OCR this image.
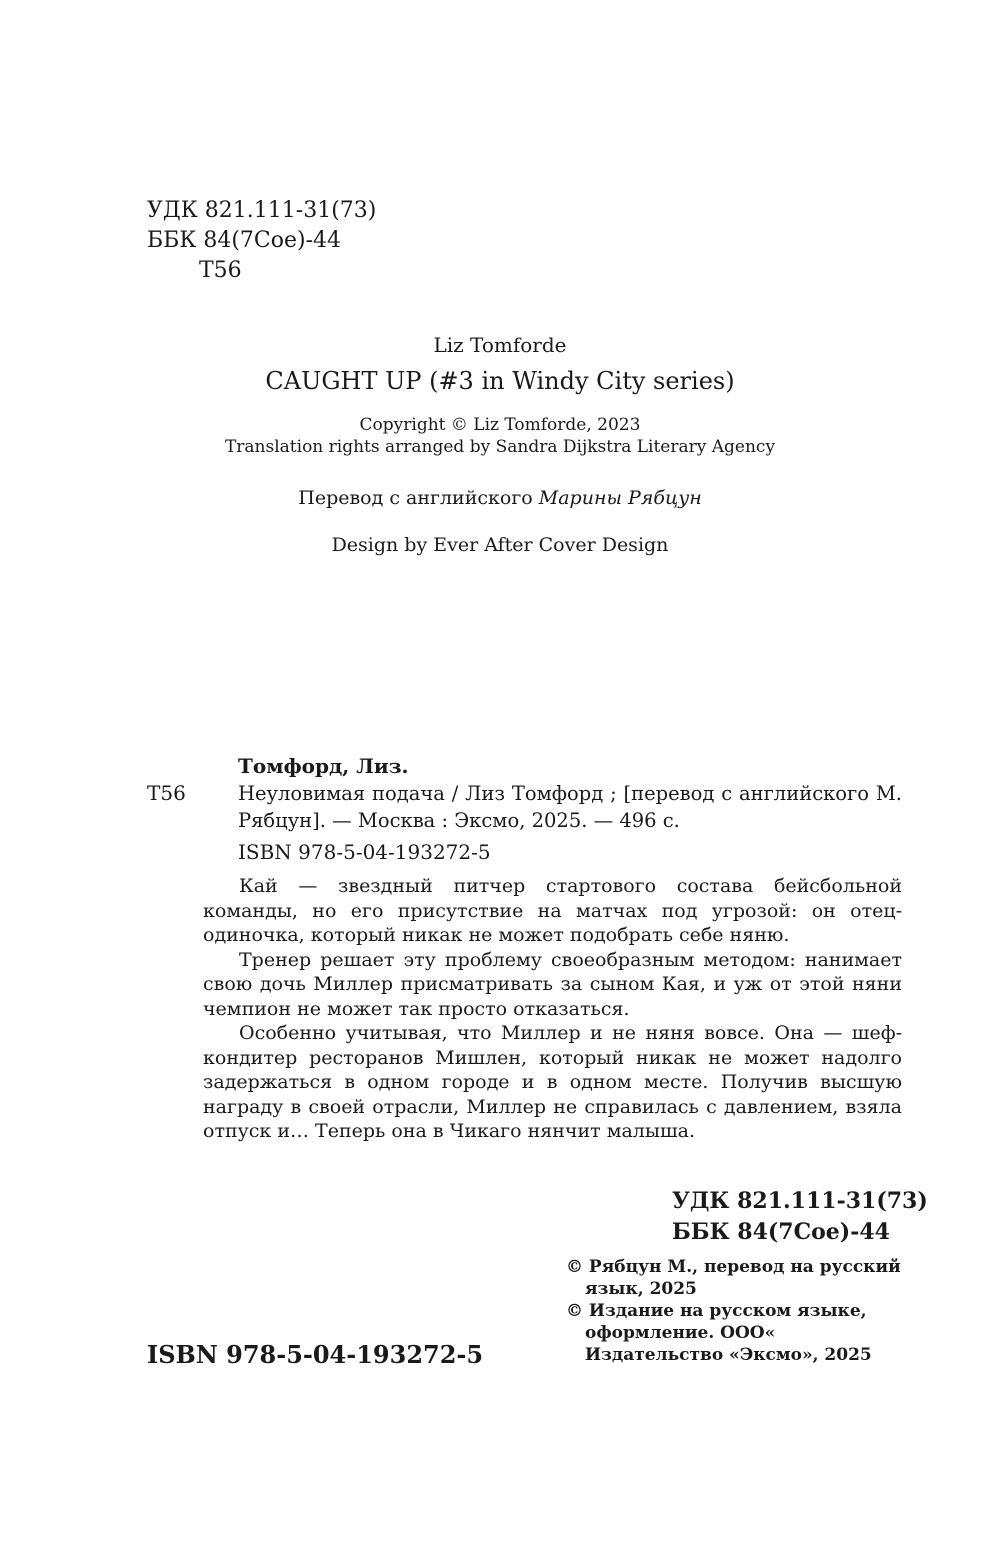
УДК 821.111-31(73)
ББК 84(7Сое)-44
Т56
Liz Tomforde
CAUGHT UP (#3 in Windy City series)
Copyright © Liz Tomforde, 2023
Translation rights arranged by Sandra Dijkstra Literary Agency
Перевод с английского Марины Рябцун
Design by Ever After Cover Design
Томфорд, Лиз.
Т56	Неуловимая подача / Лиз Томфорд ; [перевод с английского М. Рябцун]. — Москва : Эксмо, 2025. — 496 с.
ISBN 978-5-04-193272-5

Кай — звездный питчер стартового состава бейсбольной команды, но его присутствие на матчах под угрозой: он отец-одиночка, который никак не может подобрать себе няню.

Тренер решает эту проблему своеобразным методом: нанимает свою дочь Миллер присматривать за сыном Кая, и уж от этой няни чемпион не может так просто отказаться.

Особенно учитывая, что Миллер и не няня вовсе. Она — шеф-кондитер ресторанов Мишлен, который никак не может надолго задержаться в одном городе и в одном месте. Получив высшую награду в своей отрасли, Миллер не справилась с давлением, взяла отпуск и… Теперь она в Чикаго нянчит малыша.

УДК 821.111-31(73)
ББК 84(7Сое)-44
© Рябцун М., перевод на русский язык, 2025
© Издание на русском языке, оформление. ООО« Издательство «Эксмо», 2025
ISBN 978-5-04-193272-5
